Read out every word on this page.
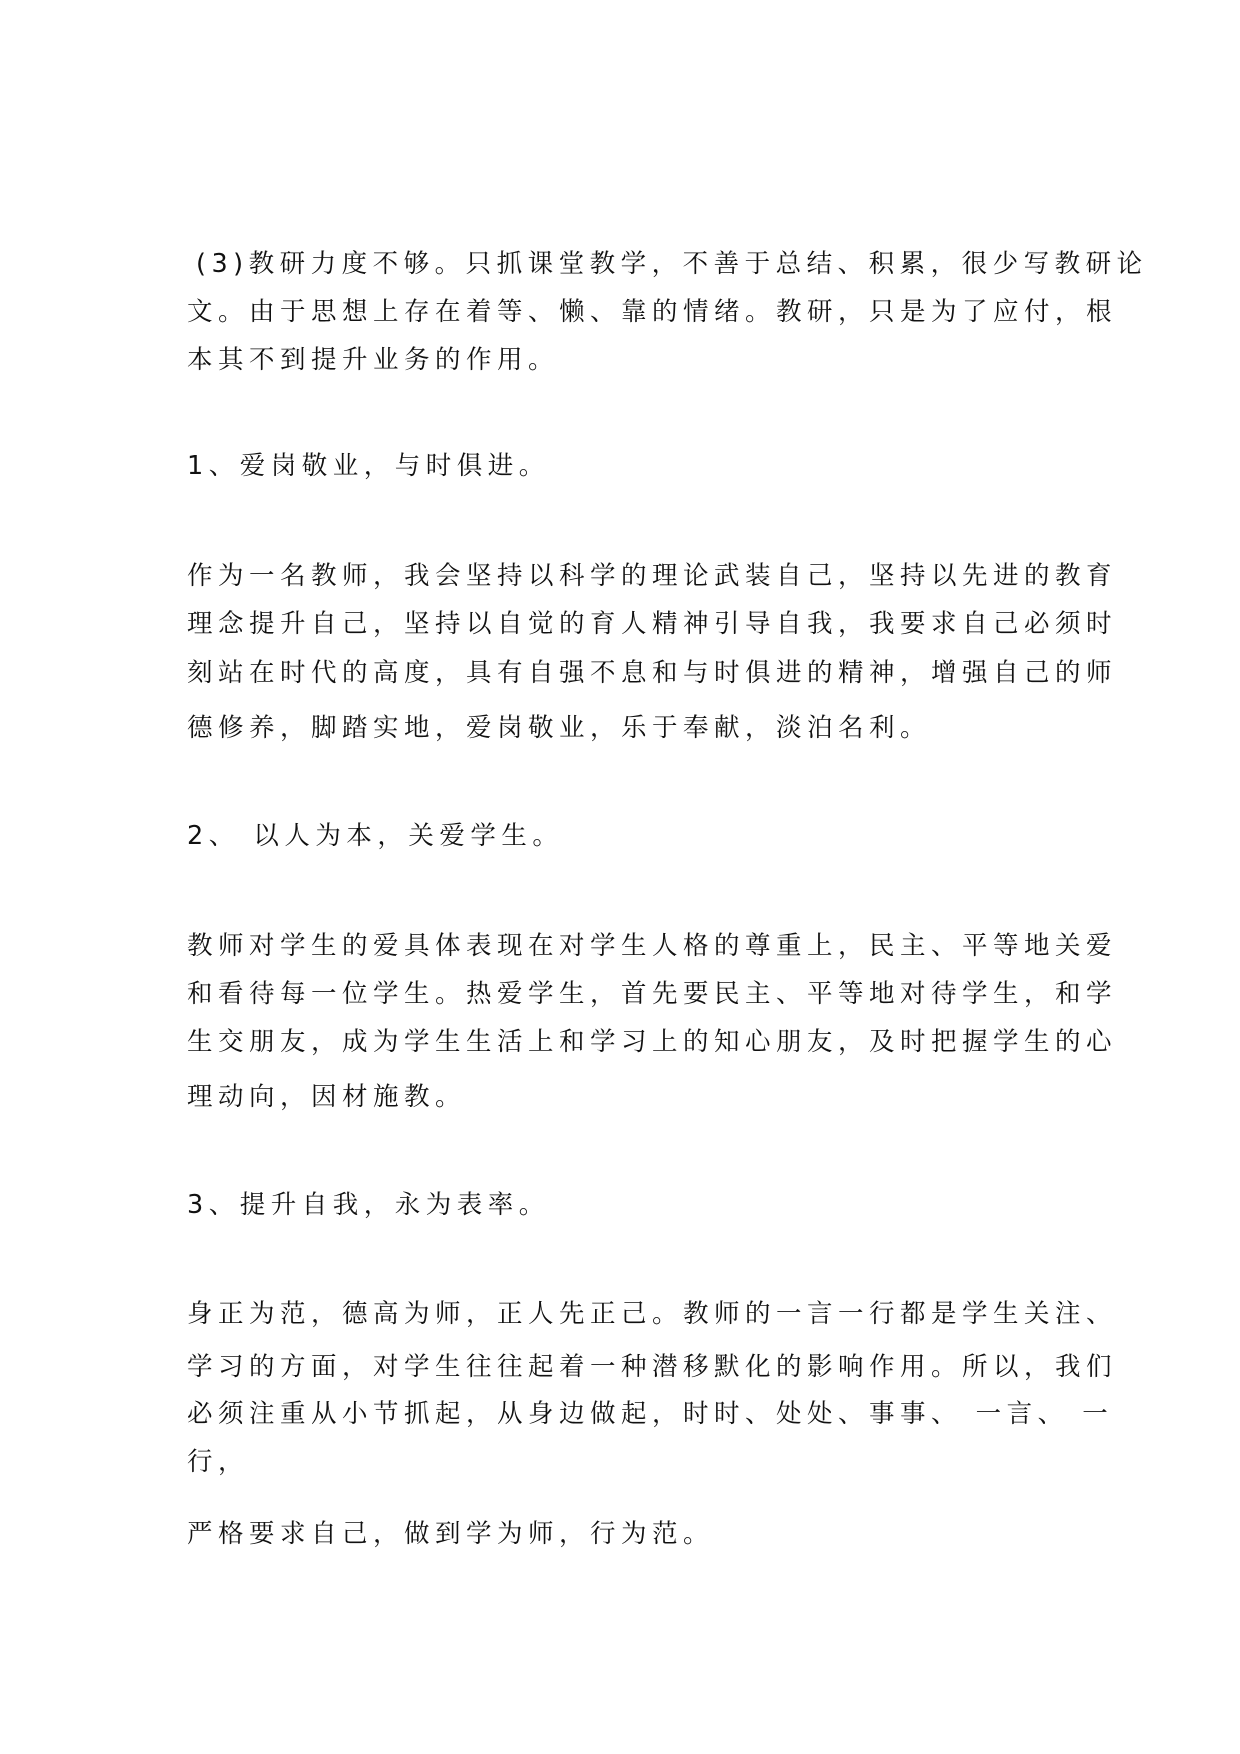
(3)教研力度不够。只抓课堂教学，不善于总结、积累，很少写教研论
文。由于思想上存在着等、懒、靠的情绪。教研，只是为了应付，根
本其不到提升业务的作用。
1、爱岗敬业，与时俱进。
作为一名教师，我会坚持以科学的理论武装自己，坚持以先进的教育
理念提升自己，坚持以自觉的育人精神引导自我，我要求自己必须时
刻站在时代的高度，具有自强不息和与时俱进的精神，增强自己的师
德修养，脚踏实地，爱岗敬业，乐于奉献，淡泊名利。
2、 以人为本，关爱学生。
教师对学生的爱具体表现在对学生人格的尊重上，民主、平等地关爱
和看待每一位学生。热爱学生，首先要民主、平等地对待学生，和学
生交朋友，成为学生生活上和学习上的知心朋友，及时把握学生的心
理动向，因材施教。
3、提升自我，永为表率。
身正为范，德高为师，正人先正己。教师的一言一行都是学生关注、
学习的方面，对学生往往起着一种潜移默化的影响作用。所以，我们
必须注重从小节抓起，从身边做起，时时、处处、事事、 一言、 一
行，
严格要求自己，做到学为师，行为范。
